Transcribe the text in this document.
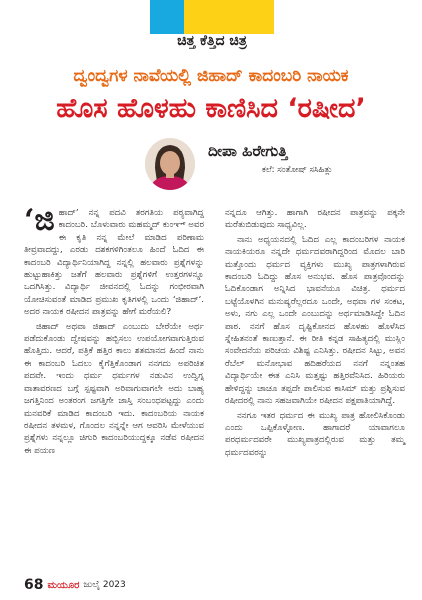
ಚಿತ್ತ ಕೆತ್ತಿದ ಚಿತ್ರ
ದ್ವಂದ್ವಗಳ ನಾವೆಯಲ್ಲಿ ಜಿಹಾದ್ ಕಾದಂಬರಿ ನಾಯಕ
ಹೊಸ ಹೊಳಹು ಕಾಣಿಸಿದ ‘ರಷೀದ’
ದೀಪಾ ಹಿರೇಗುತ್ತಿ
ಕಲೆ: ಸಂತೋಷ್ ಸಸಿಹಿತ್ಲು

‘ಜಿ ಹಾದ್’ ನನ್ನ ಪದವಿ ತರಗತಿಯ ಪಠ್ಯವಾಗಿದ್ದ ಕಾದಂಬರಿ. ಬೊಳುವಾರು ಮಹಮ್ಮದ್ ಕುಂಞ್ ಅವರ ಈ ಕೃತಿ ನನ್ನ ಮೇಲೆ ಮಾಡಿದ ಪರಿಣಾಮ ತೀವ್ರವಾದದ್ದು, ಎರಡು ದಶಕಗಳಿಗಿಂತಲೂ ಹಿಂದೆ ಓದಿದ ಈ ಕಾದಂಬರಿ ವಿದ್ಯಾರ್ಥಿನಿಯಾಗಿದ್ದ ನನ್ನಲ್ಲಿ ಹಲವಾರು ಪ್ರಶ್ನೆಗಳನ್ನು ಹುಟ್ಟುಹಾಕಿತ್ತು ಜತೆಗೆ ಹಲವಾರು ಪ್ರಶ್ನೆಗಳಿಗೆ ಉತ್ತರಗಳನ್ನೂ ಒದಗಿಸಿತ್ತು. ವಿದ್ಯಾರ್ಥಿ ಜೀವನದಲ್ಲಿ ಓದನ್ನು ಗಂಭೀರವಾಗಿ ಯೋಚಿಸುವಂತೆ ಮಾಡಿದ ಪ್ರಮುಖ ಕೃತಿಗಳಲ್ಲಿ ಒಂದು ‘ಜಿಹಾದ್’. ಅದರ ನಾಯಕ ರಷೀದನ ಪಾತ್ರವನ್ನು ಹೇಗೆ ಮರೆಯಲಿ?

ಜಿಹಾದ್ ಅಥವಾ ಜಿಹಾದ್ ಎಂಬುದು ಬೇರೆಯೇ ಅರ್ಥ ಪಡೆದುಕೊಂಡು ದ್ವೇಷವನ್ನು ಹಬ್ಬಿಸಲು ಉಪಯೋಗವಾಗುತ್ತಿರುವ ಹೊತ್ತಿದು. ಆದರೆ, ಪತ್ರಿಕೆ ಹತ್ತಿರ ಕಾಲು ಶತಮಾನದ ಹಿಂದೆ ನಾನು ಈ ಕಾದಂಬರಿ ಓದಲು ಕೈಗೆತ್ತಿಕೊಂಡಾಗ ನನಗದು ಅಪರಿಚಿತ ಪದವೇ. ಇಂದು ಧರ್ಮ ಧರ್ಮಗಳ ನಡುವಿನ ಉದ್ವಿಗ್ನ ವಾತಾವರಣದ ಬಗ್ಗೆ ಸ್ಪಷ್ಟವಾಗಿ ಅರಿವಾಗುವಾಗಲೇ ಅದು ಬಾಹ್ಯ ಜಗತ್ತಿನಿಂದ ಅಂತರಂಗ ಜಗತ್ತಿಗೇ ಜಾಸ್ತಿ ಸಂಬಂಧಪಟ್ಟದ್ದು ಎಂದು ಮನವರಿಕೆ ಮಾಡಿದ ಕಾದಂಬರಿ ಇದು. ಕಾದಂಬರಿಯ ನಾಯಕ ರಷೀದನ ತಳಮಳ, ಗೊಂದಲ ನನ್ನನ್ನೇ ಆಗ ಆವರಿಸಿ ಮೇಳೆಯುವ ಪ್ರಶ್ನೆಗಳು ನನ್ನಲ್ಲೂ ಚಿಗುರಿ ಕಾದಂಬರಿಯುದ್ದಕ್ಕೂ ನಡೆವ ರಷೀದನ ಈ ಪಯಣ

ನನ್ನದೂ ಆಗಿತ್ತು. ಹಾಗಾಗಿ ರಷೀದನ ಪಾತ್ರವನ್ನು ಪಕ್ಕನೇ ಮರೆತುಬಿಡುವುದು ಸಾಧ್ಯವಿಲ್ಲ.

ನಾನು ಅಧ್ಯಯನದಲ್ಲಿ ಓದಿದ ಎಲ್ಲ ಕಾದಂಬರಿಗಳ ನಾಯಕ ನಾಯಕಿಯರೂ ನನ್ನದೇ ಧರ್ಮದವರಾಗಿದ್ದರಿಂದ ಮೊದಲ ಬಾರಿ ಮತ್ತೊಂದು ಧರ್ಮದ ವ್ಯಕ್ತಿಗಳು ಮುಖ್ಯ ಪಾತ್ರಗಳಾಗಿರುವ ಕಾದಂಬರಿ ಓದಿದ್ದು ಹೊಸ ಅನುಭವ. ಹೊಸ ಪಾತ್ರವೊಂದನ್ನು ಓದಿಕೊಂಡಾಗ ಅನ್ನಿಸಿದ ಭಾವನೆಯೂ ವಿಚಿತ್ರ. ಧರ್ಮದ ಬಟ್ಟೆಯೊಳಗಿನ ಮನುಷ್ಯರೆಲ್ಲರದೂ ಒಂದೇ, ಅಥವಾ ಗಳ ಸಂಕಟ, ಅಳು, ನಗು ಎಲ್ಲ ಒಂದೇ ಎಂಬುದನ್ನು ಅರ್ಥಮಾಡಿಸಿದ್ದೇ ಓದಿನ ಪಾಠ. ನನಗೆ ಹೊಸ ದೃಷ್ಟಿಕೋನದ ಹೊಳಹು ಹೊಳೆಸಿದ ಸ್ನೇಹಿತನಂತೆ ಕಾಣುತ್ತಾನೆ. ಈ ರೀತಿ ಕನ್ನಡ ಸಾಹಿತ್ಯದಲ್ಲಿ ಮುಸ್ಲಿಂ ಸಂವೇದನೆಯ ಪರಿಚಯ ವಿಶಿಷ್ಟ ಎನಿಸಿತ್ತು. ರಷೀದನ ಸಿಟ್ಟು, ಅವನ ರೆಬೆಲ್ ಮನೋಭಾವ ಹದಿಹರೆಯದ ನನಗೆ ನನ್ನಂತಹ ವಿದ್ಯಾರ್ಥಿಯೇ ಈತ ಎನಿಸಿ ಮತ್ತಷ್ಟು ಹತ್ತಿರವೆನಿಸಿದ. ಹಿರಿಯರು ಹೇಳಿದ್ದನ್ನು ಚಾಚೂ ತಪ್ಪದೇ ಪಾಲಿಸುವ ಕಾಸಿಮ್ ಮತ್ತು ಪ್ರಶ್ನಿಸುವ ರಷೀದರಲ್ಲಿ ನಾನು ಸಹಜವಾಗಿಯೇ ರಷೀದನ ಪಕ್ಷಪಾತಿಯಾಗಿದ್ದೆ.

ನನಗೂ ಇತರ ಧರ್ಮದ ಈ ಮುಖ್ಯ ಪಾತ್ರ ಹೋಲಿಸಿಕೊಂಡು ಎಂದು ಒಪ್ಪಿಕೊಳ್ಳೋಣ. ಹಾಗಾದರೆ ಯಾವಾಗಲೂ ಪರಧರ್ಮದವರೇ ಮುಖ್ಯಪಾತ್ರದಲ್ಲಿರುವ ಮತ್ತು ತಮ್ಮ ಧರ್ಮದವರನ್ನು

68 ಮಯೂರ ಜುಲೈ 2023
